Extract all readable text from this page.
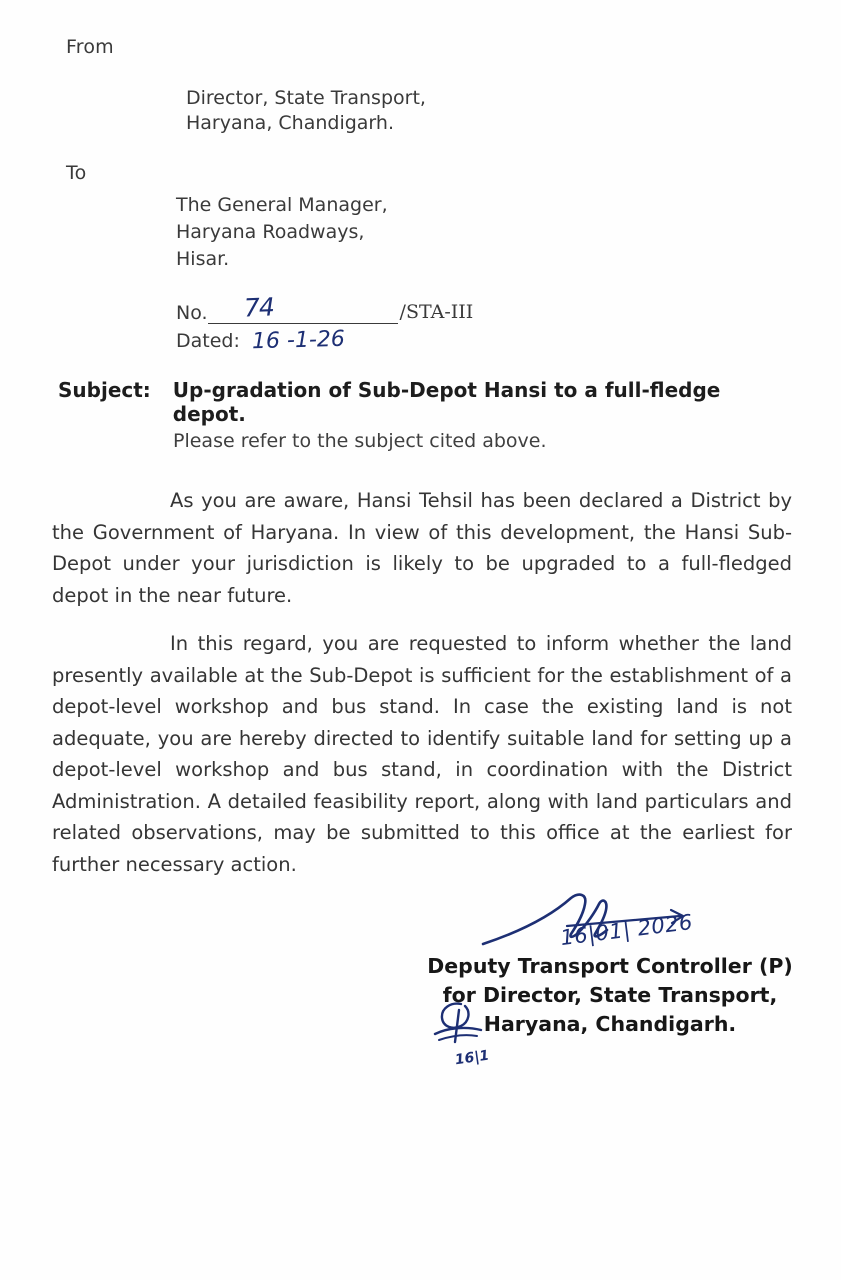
From
Director, State Transport,
Haryana, Chandigarh.
To
The General Manager,
Haryana Roadways,
Hisar.
No. 74	/STA-III
Dated: 16 -1-26
Subject: Up-gradation of Sub-Depot Hansi to a full-fledge depot.
Please refer to the subject cited above.
As you are aware, Hansi Tehsil has been declared a District by the Government of Haryana. In view of this development, the Hansi Sub-Depot under your jurisdiction is likely to be upgraded to a full-fledged depot in the near future.
In this regard, you are requested to inform whether the land presently available at the Sub-Depot is sufficient for the establishment of a depot-level workshop and bus stand. In case the existing land is not adequate, you are hereby directed to identify suitable land for setting up a depot-level workshop and bus stand, in coordination with the District Administration. A detailed feasibility report, along with land particulars and related observations, may be submitted to this office at the earliest for further necessary action.
16|01| 2026
Deputy Transport Controller (P)
for Director, State Transport,
16|1
Haryana, Chandigarh.
